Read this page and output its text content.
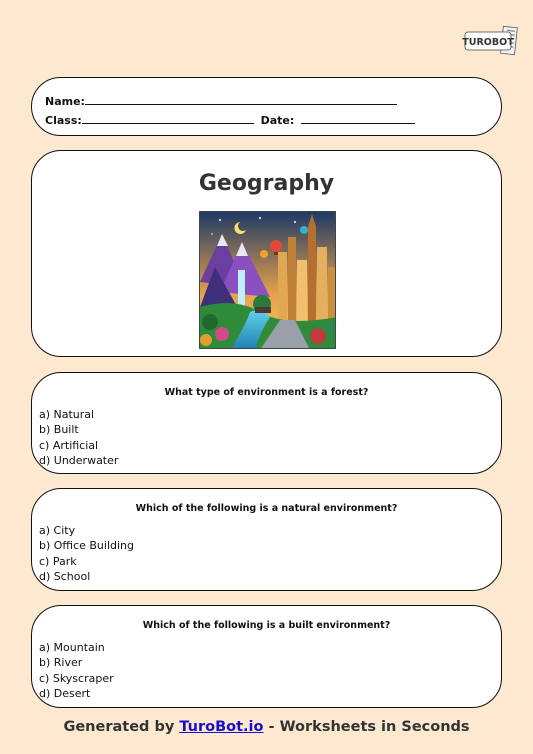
TUROBOT
Name:
Class:	Date:
Geography
What type of environment is a forest?
a) Natural
b) Built
c) Artificial
d) Underwater
Which of the following is a natural environment?
a) City
b) Office Building
c) Park
d) School
Which of the following is a built environment?
a) Mountain
b) River
c) Skyscraper
d) Desert
Generated by TuroBot.io - Worksheets in Seconds
